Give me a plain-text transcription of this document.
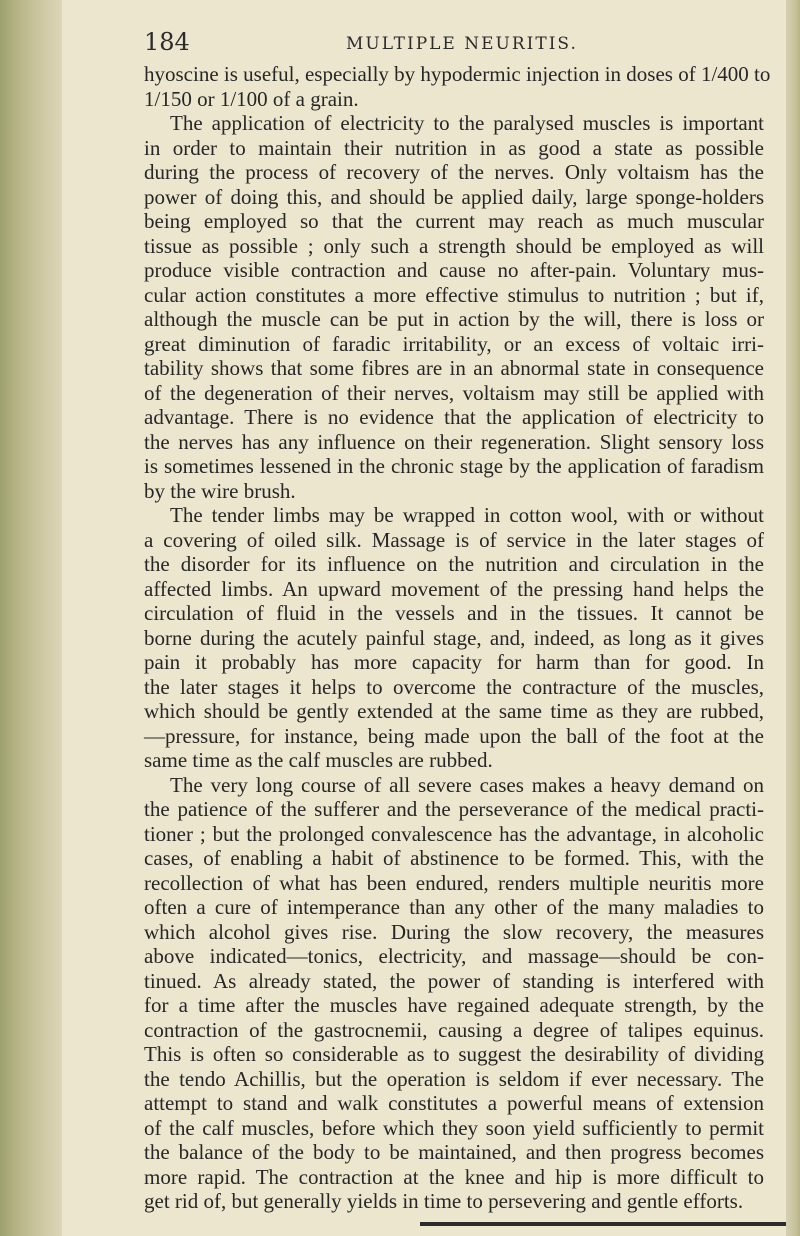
184	MULTIPLE NEURITIS.
hyoscine is useful, especially by hypodermic injection in doses of 1/400 to
1/150 or 1/100 of a grain.
The application of electricity to the paralysed muscles is important
in order to maintain their nutrition in as good a state as possible
during the process of recovery of the nerves. Only voltaism has the
power of doing this, and should be applied daily, large sponge-holders
being employed so that the current may reach as much muscular
tissue as possible ; only such a strength should be employed as will
produce visible contraction and cause no after-pain. Voluntary mus-
cular action constitutes a more effective stimulus to nutrition ; but if,
although the muscle can be put in action by the will, there is loss or
great diminution of faradic irritability, or an excess of voltaic irri-
tability shows that some fibres are in an abnormal state in consequence
of the degeneration of their nerves, voltaism may still be applied with
advantage. There is no evidence that the application of electricity to
the nerves has any influence on their regeneration. Slight sensory loss
is sometimes lessened in the chronic stage by the application of faradism
by the wire brush.
The tender limbs may be wrapped in cotton wool, with or without
a covering of oiled silk. Massage is of service in the later stages of
the disorder for its influence on the nutrition and circulation in the
affected limbs. An upward movement of the pressing hand helps the
circulation of fluid in the vessels and in the tissues. It cannot be
borne during the acutely painful stage, and, indeed, as long as it gives
pain it probably has more capacity for harm than for good. In
the later stages it helps to overcome the contracture of the muscles,
which should be gently extended at the same time as they are rubbed,
—pressure, for instance, being made upon the ball of the foot at the
same time as the calf muscles are rubbed.
The very long course of all severe cases makes a heavy demand on
the patience of the sufferer and the perseverance of the medical practi-
tioner ; but the prolonged convalescence has the advantage, in alcoholic
cases, of enabling a habit of abstinence to be formed. This, with the
recollection of what has been endured, renders multiple neuritis more
often a cure of intemperance than any other of the many maladies to
which alcohol gives rise. During the slow recovery, the measures
above indicated—tonics, electricity, and massage—should be con-
tinued. As already stated, the power of standing is interfered with
for a time after the muscles have regained adequate strength, by the
contraction of the gastrocnemii, causing a degree of talipes equinus.
This is often so considerable as to suggest the desirability of dividing
the tendo Achillis, but the operation is seldom if ever necessary. The
attempt to stand and walk constitutes a powerful means of extension
of the calf muscles, before which they soon yield sufficiently to permit
the balance of the body to be maintained, and then progress becomes
more rapid. The contraction at the knee and hip is more difficult to
get rid of, but generally yields in time to persevering and gentle efforts.
